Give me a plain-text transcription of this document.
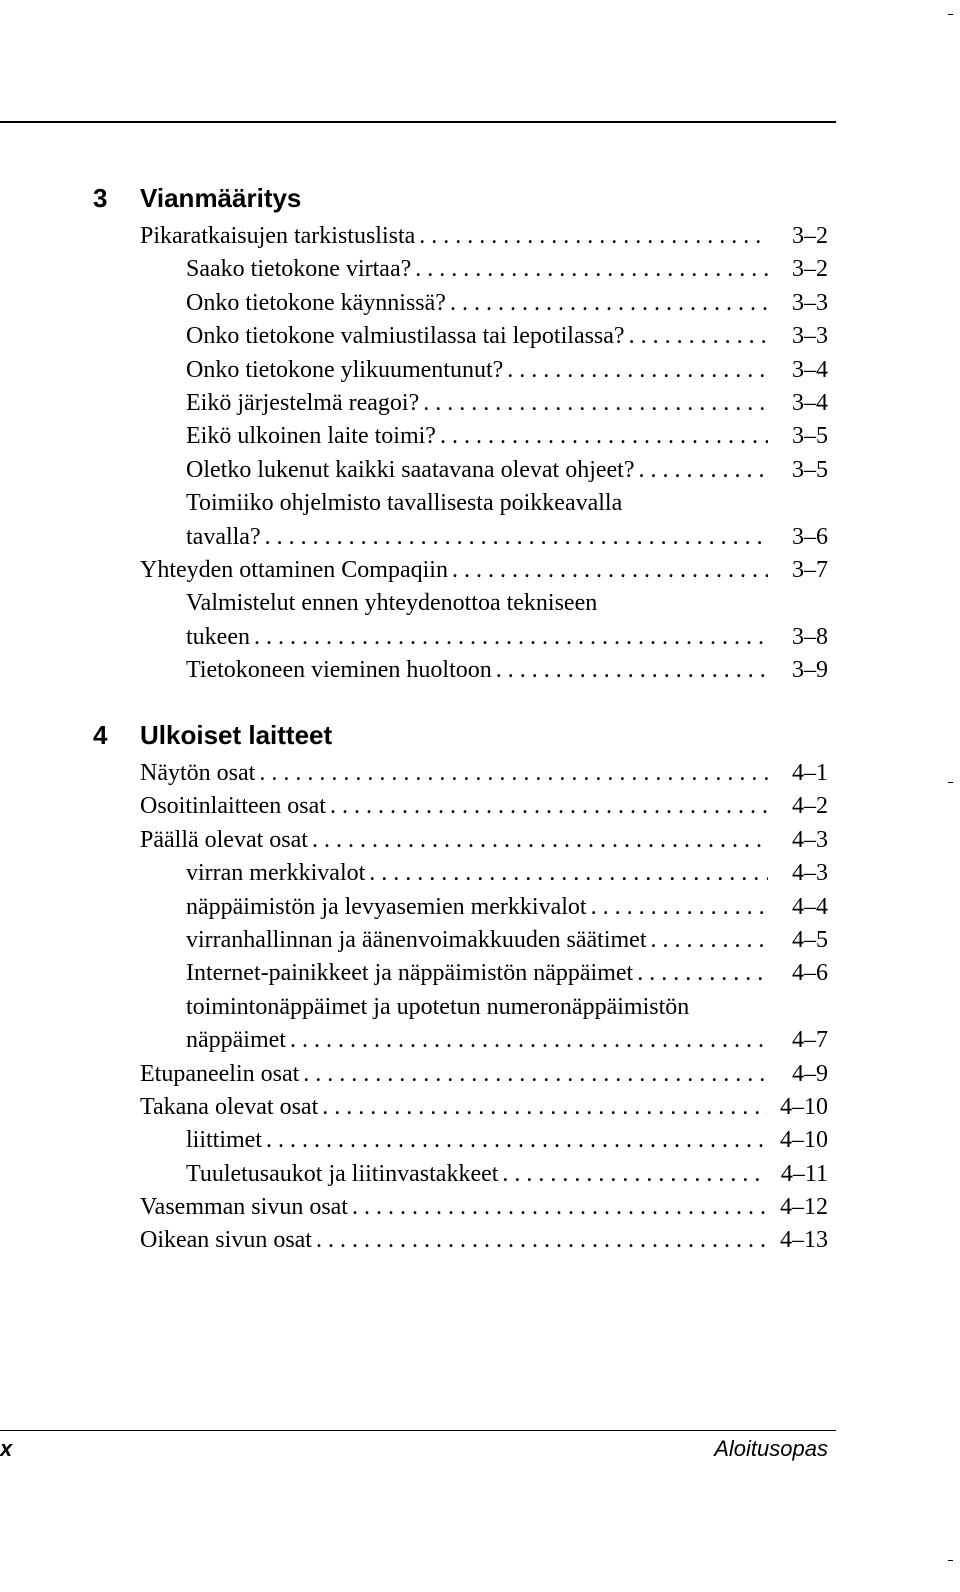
3 Vianmääritys
Pikaratkaisujen tarkistuslista . . .	3–2
Saako tietokone virtaa? . . .	3–2
Onko tietokone käynnissä? . . .	3–3
Onko tietokone valmiustilassa tai lepotilassa? . . .	3–3
Onko tietokone ylikuumentunut? . . .	3–4
Eikö järjestelmä reagoi? . . .	3–4
Eikö ulkoinen laite toimi? . . .	3–5
Oletko lukenut kaikki saatavana olevat ohjeet? . . .	3–5
Toimiiko ohjelmisto tavallisesta poikkeavalla
tavalla? . . .	3–6
Yhteyden ottaminen Compaqiin . . .	3–7
Valmistelut ennen yhteydenottoa tekniseen
tukeen . . .	3–8
Tietokoneen vieminen huoltoon . . .	3–9
4 Ulkoiset laitteet
Näytön osat . . .	4–1
Osoitinlaitteen osat . . .	4–2
Päällä olevat osat . . .	4–3
virran merkkivalot . . .	4–3
näppäimistön ja levyasemien merkkivalot . . .	4–4
virranhallinnan ja äänenvoimakkuuden säätimet . . .	4–5
Internet-painikkeet ja näppäimistön näppäimet . . .	4–6
toimintonäppäimet ja upotetun numeronäppäimistön
näppäimet . . .	4–7
Etupaneelin osat . . .	4–9
Takana olevat osat . . .	4–10
liittimet . . .	4–10
Tuuletusaukot ja liitinvastakkeet . . .	4–11
Vasemman sivun osat . . .	4–12
Oikean sivun osat . . .	4–13
x	Aloitusopas
